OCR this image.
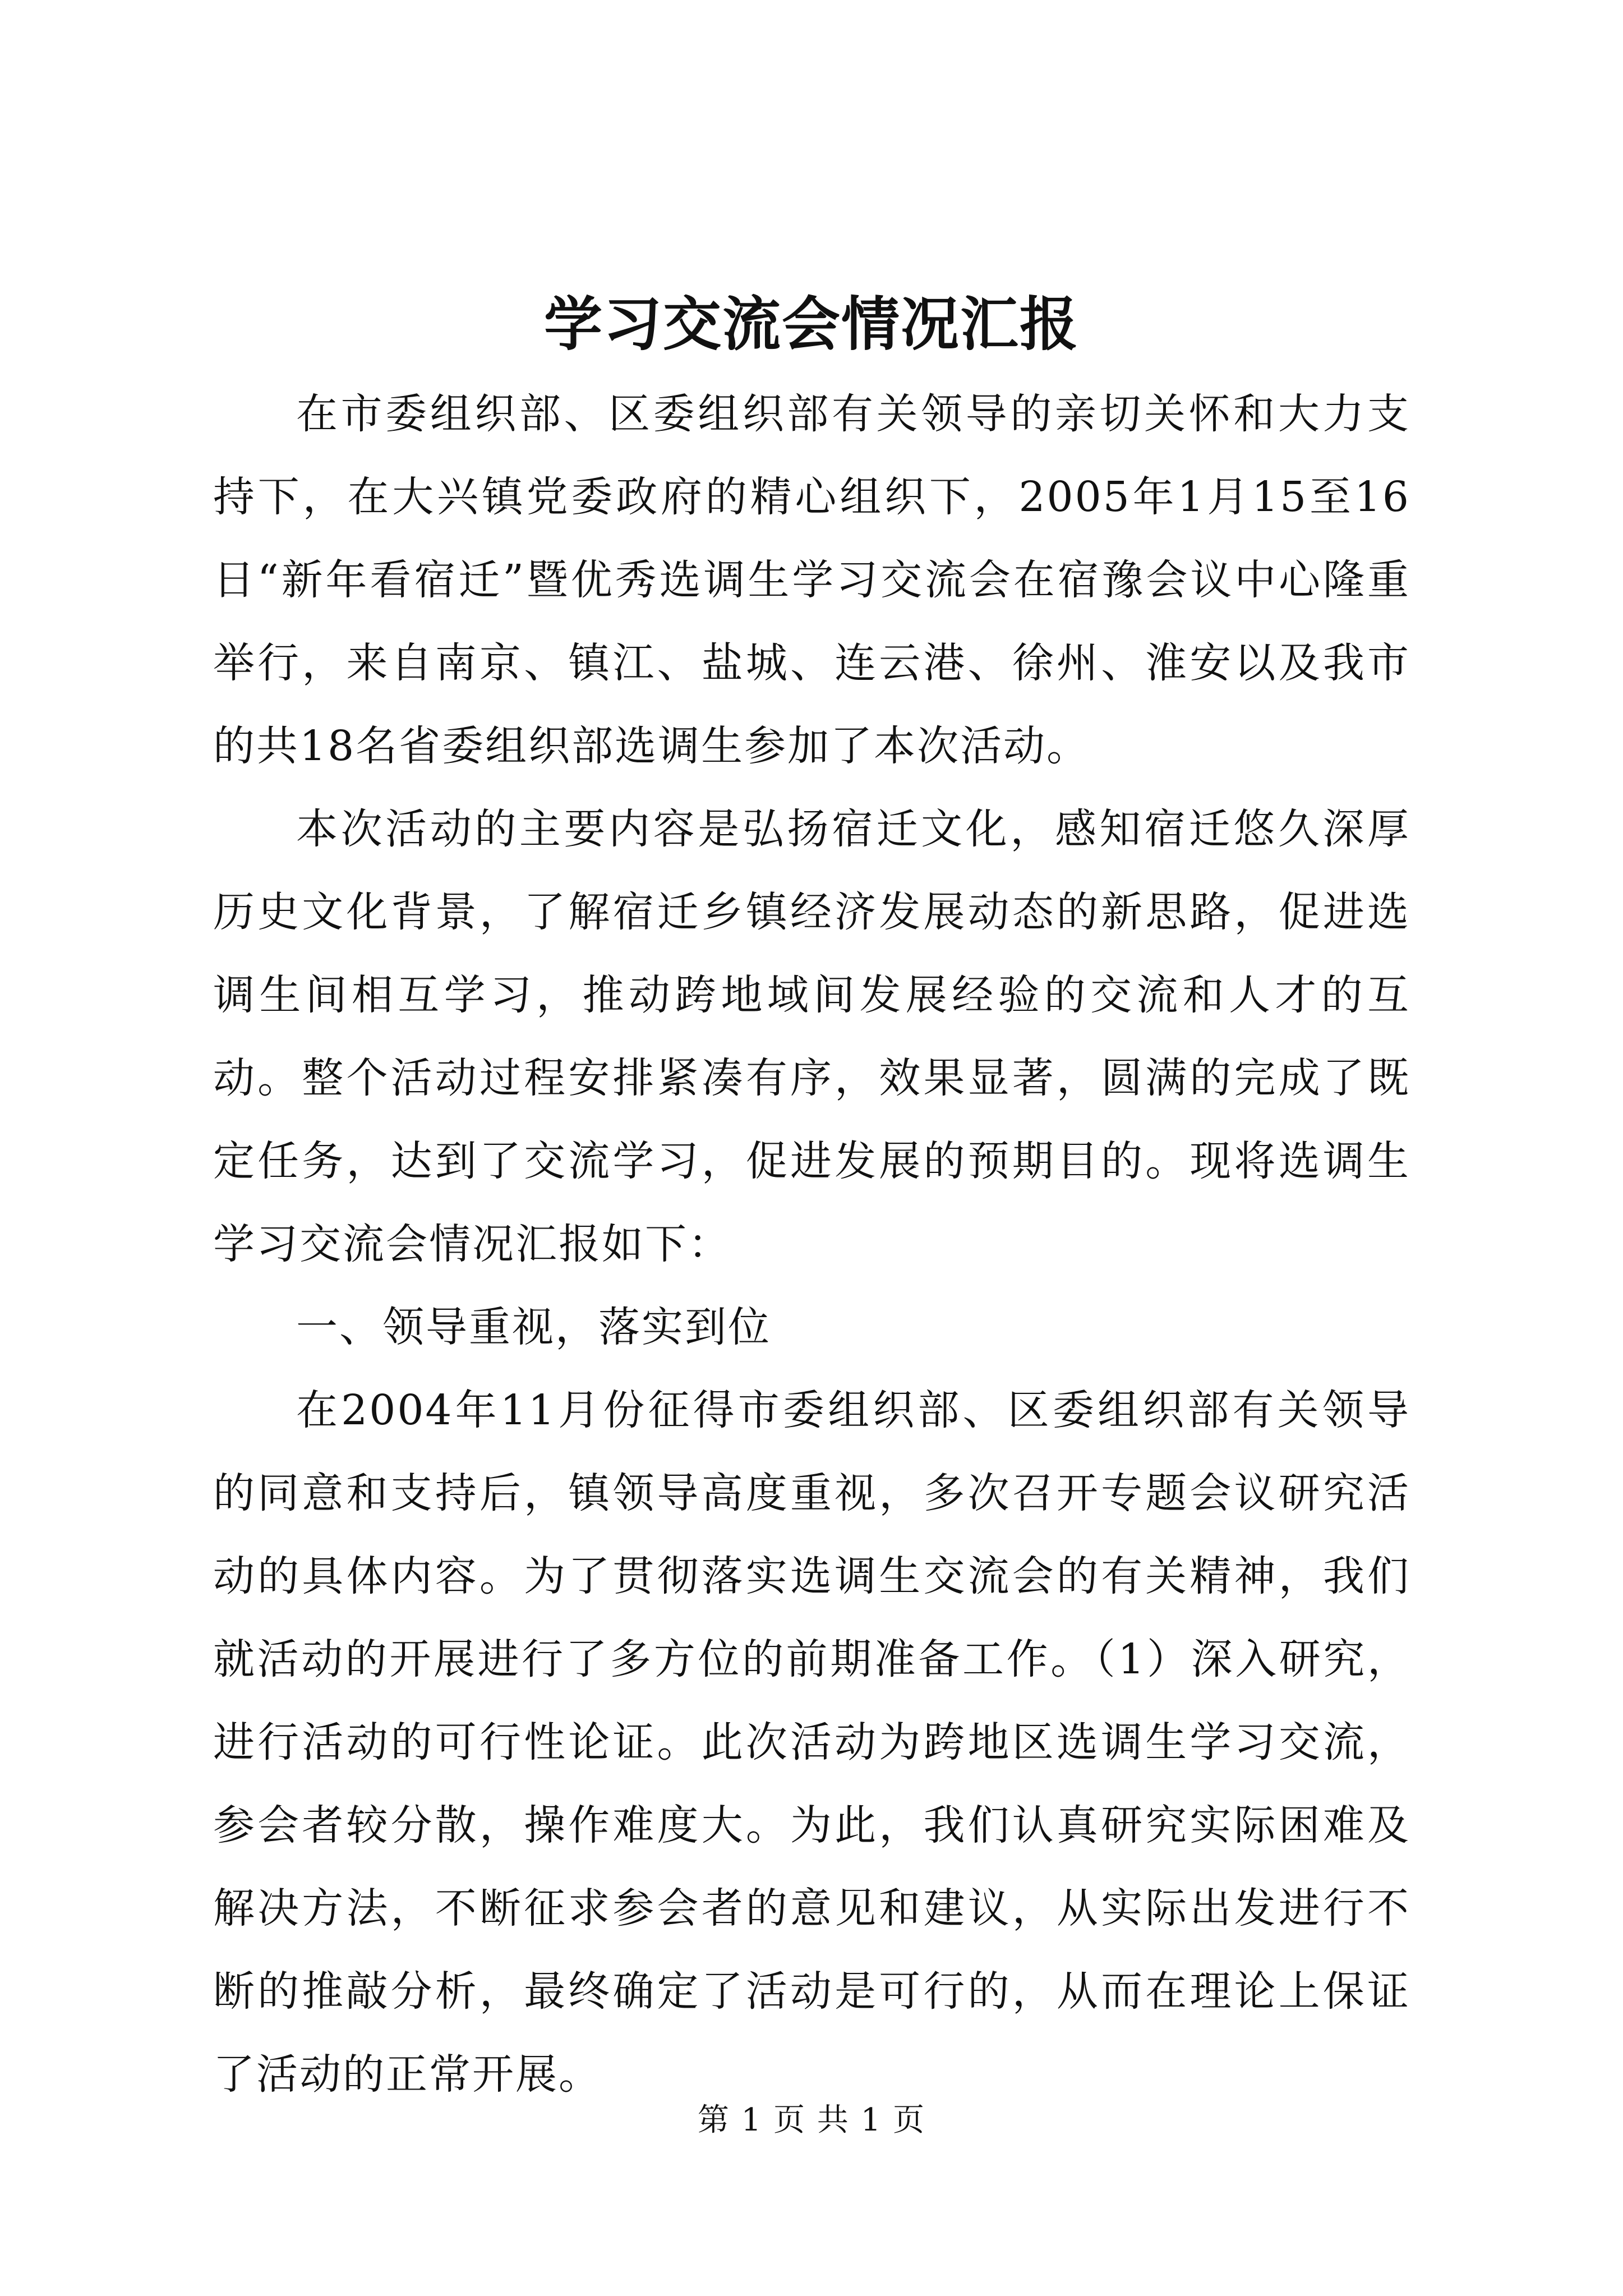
学习交流会情况汇报

在市委组织部、区委组织部有关领导的亲切关怀和大力支持下，在大兴镇党委政府的精心组织下，2005年1月15至16日“新年看宿迁”暨优秀选调生学习交流会在宿豫会议中心隆重举行，来自南京、镇江、盐城、连云港、徐州、淮安以及我市的共18名省委组织部选调生参加了本次活动。

本次活动的主要内容是弘扬宿迁文化，感知宿迁悠久深厚历史文化背景，了解宿迁乡镇经济发展动态的新思路，促进选调生间相互学习，推动跨地域间发展经验的交流和人才的互动。整个活动过程安排紧凑有序，效果显著，圆满的完成了既定任务，达到了交流学习，促进发展的预期目的。现将选调生学习交流会情况汇报如下：

一、领导重视，落实到位

在2004年11月份征得市委组织部、区委组织部有关领导的同意和支持后，镇领导高度重视，多次召开专题会议研究活动的具体内容。为了贯彻落实选调生交流会的有关精神，我们就活动的开展进行了多方位的前期准备工作。（1）深入研究，进行活动的可行性论证。此次活动为跨地区选调生学习交流，参会者较分散，操作难度大。为此，我们认真研究实际困难及解决方法，不断征求参会者的意见和建议，从实际出发进行不断的推敲分析，最终确定了活动是可行的，从而在理论上保证了活动的正常开展。

第 1 页 共 1 页
